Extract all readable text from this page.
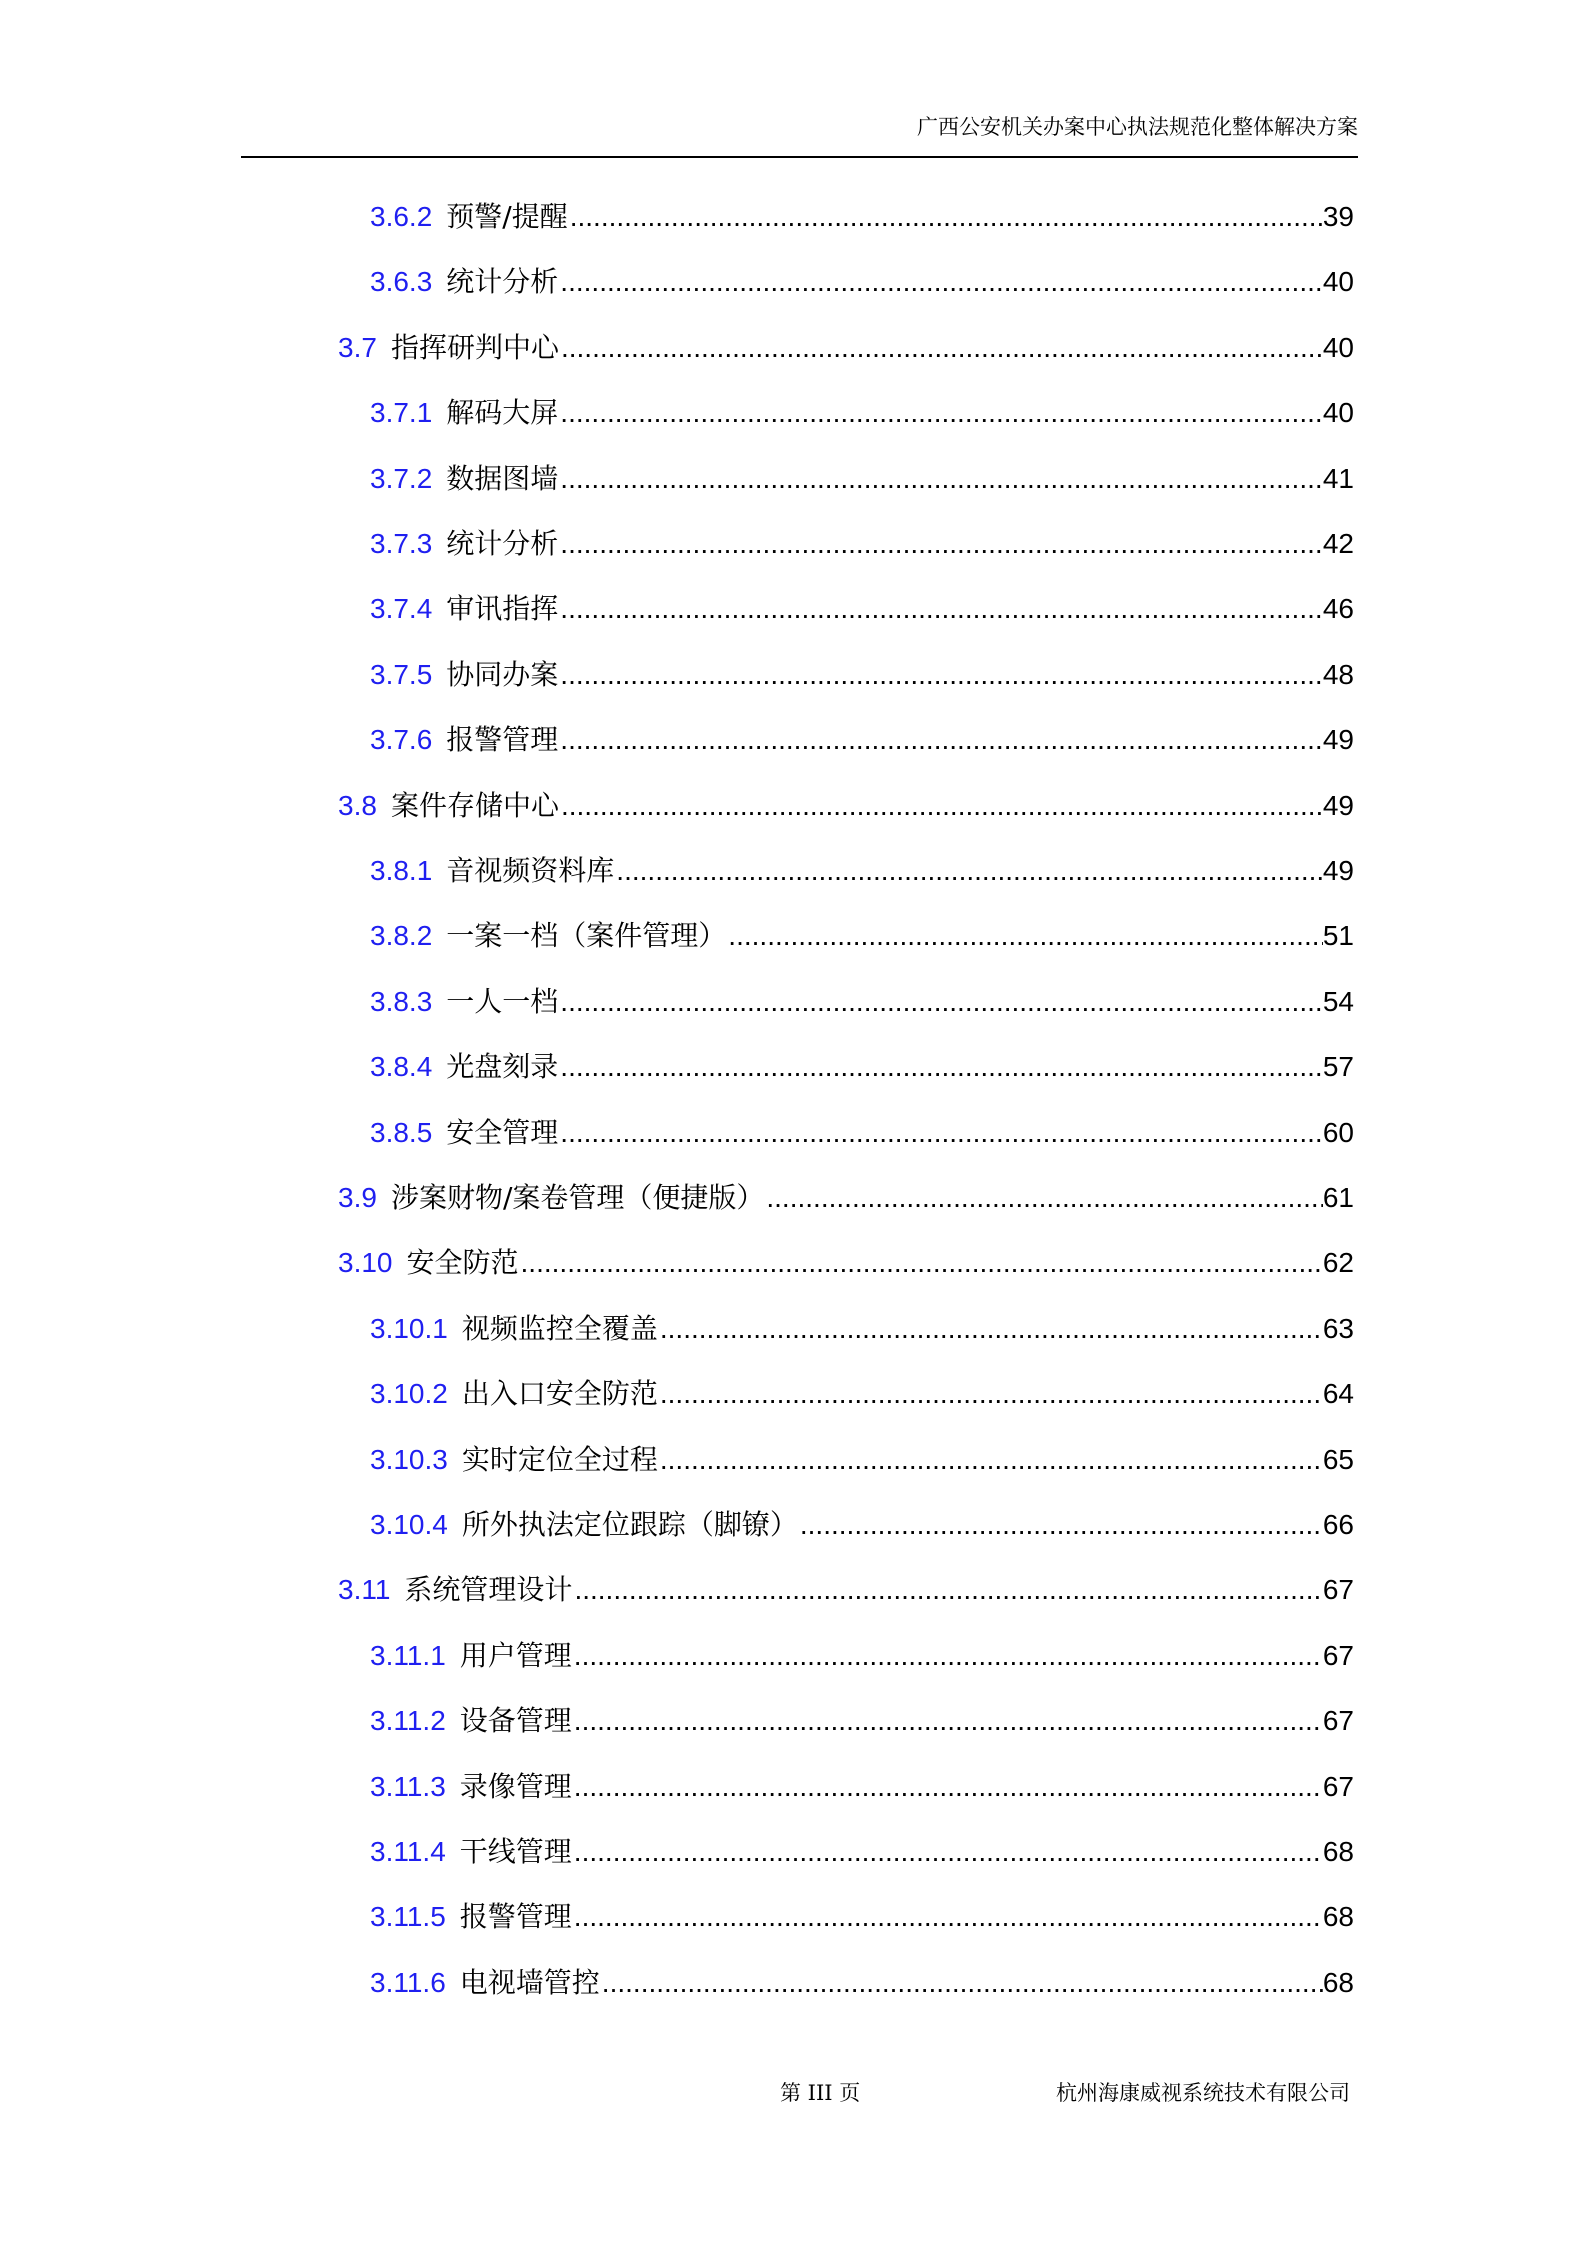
广西公安机关办案中心执法规范化整体解决方案
3.6.2 预警/提醒 .....	39
3.6.3 统计分析 .....	40
3.7 指挥研判中心 .....	40
3.7.1 解码大屏 .....	40
3.7.2 数据图墙 .....	41
3.7.3 统计分析 .....	42
3.7.4 审讯指挥 .....	46
3.7.5 协同办案 .....	48
3.7.6 报警管理 .....	49
3.8 案件存储中心 .....	49
3.8.1 音视频资料库 .....	49
3.8.2 一案一档（案件管理） .....	51
3.8.3 一人一档 .....	54
3.8.4 光盘刻录 .....	57
3.8.5 安全管理 .....	60
3.9 涉案财物/案卷管理（便捷版） .....	61
3.10 安全防范 .....	62
3.10.1 视频监控全覆盖 .....	63
3.10.2 出入口安全防范 .....	64
3.10.3 实时定位全过程 .....	65
3.10.4 所外执法定位跟踪（脚镣） .....	66
3.11 系统管理设计 .....	67
3.11.1 用户管理 .....	67
3.11.2 设备管理 .....	67
3.11.3 录像管理 .....	67
3.11.4 干线管理 .....	68
3.11.5 报警管理 .....	68
3.11.6 电视墙管控 .....	68
第 III 页	杭州海康威视系统技术有限公司
